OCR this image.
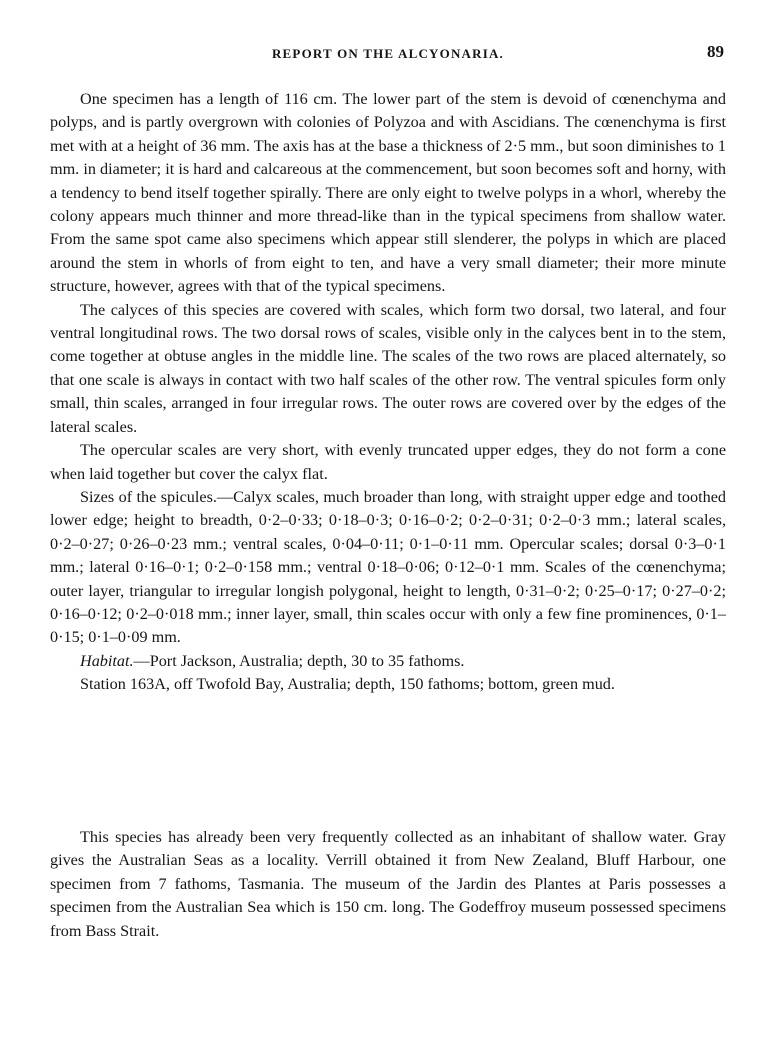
REPORT ON THE ALCYONARIA.	89

One specimen has a length of 116 cm. The lower part of the stem is devoid of cœnenchyma and polyps, and is partly overgrown with colonies of Polyzoa and with Ascidians. The cœnenchyma is first met with at a height of 36 mm. The axis has at the base a thickness of 2·5 mm., but soon diminishes to 1 mm. in diameter; it is hard and calcareous at the commencement, but soon becomes soft and horny, with a tendency to bend itself together spirally. There are only eight to twelve polyps in a whorl, whereby the colony appears much thinner and more thread-like than in the typical specimens from shallow water. From the same spot came also specimens which appear still slenderer, the polyps in which are placed around the stem in whorls of from eight to ten, and have a very small diameter; their more minute structure, however, agrees with that of the typical specimens.

The calyces of this species are covered with scales, which form two dorsal, two lateral, and four ventral longitudinal rows. The two dorsal rows of scales, visible only in the calyces bent in to the stem, come together at obtuse angles in the middle line. The scales of the two rows are placed alternately, so that one scale is always in contact with two half scales of the other row. The ventral spicules form only small, thin scales, arranged in four irregular rows. The outer rows are covered over by the edges of the lateral scales.

The opercular scales are very short, with evenly truncated upper edges, they do not form a cone when laid together but cover the calyx flat.

Sizes of the spicules.—Calyx scales, much broader than long, with straight upper edge and toothed lower edge; height to breadth, 0·2–0·33; 0·18–0·3; 0·16–0·2; 0·2–0·31; 0·2–0·3 mm.; lateral scales, 0·2–0·27; 0·26–0·23 mm.; ventral scales, 0·04–0·11; 0·1–0·11 mm. Opercular scales; dorsal 0·3–0·1 mm.; lateral 0·16–0·1; 0·2–0·158 mm.; ventral 0·18–0·06; 0·12–0·1 mm. Scales of the cœnenchyma; outer layer, triangular to irregular longish polygonal, height to length, 0·31–0·2; 0·25–0·17; 0·27–0·2; 0·16–0·12; 0·2–0·018 mm.; inner layer, small, thin scales occur with only a few fine prominences, 0·1–0·15; 0·1–0·09 mm.

Habitat.—Port Jackson, Australia; depth, 30 to 35 fathoms.

Station 163A, off Twofold Bay, Australia; depth, 150 fathoms; bottom, green mud.

This species has already been very frequently collected as an inhabitant of shallow water. Gray gives the Australian Seas as a locality. Verrill obtained it from New Zealand, Bluff Harbour, one specimen from 7 fathoms, Tasmania. The museum of the Jardin des Plantes at Paris possesses a specimen from the Australian Sea which is 150 cm. long. The Godeffroy museum possessed specimens from Bass Strait.
